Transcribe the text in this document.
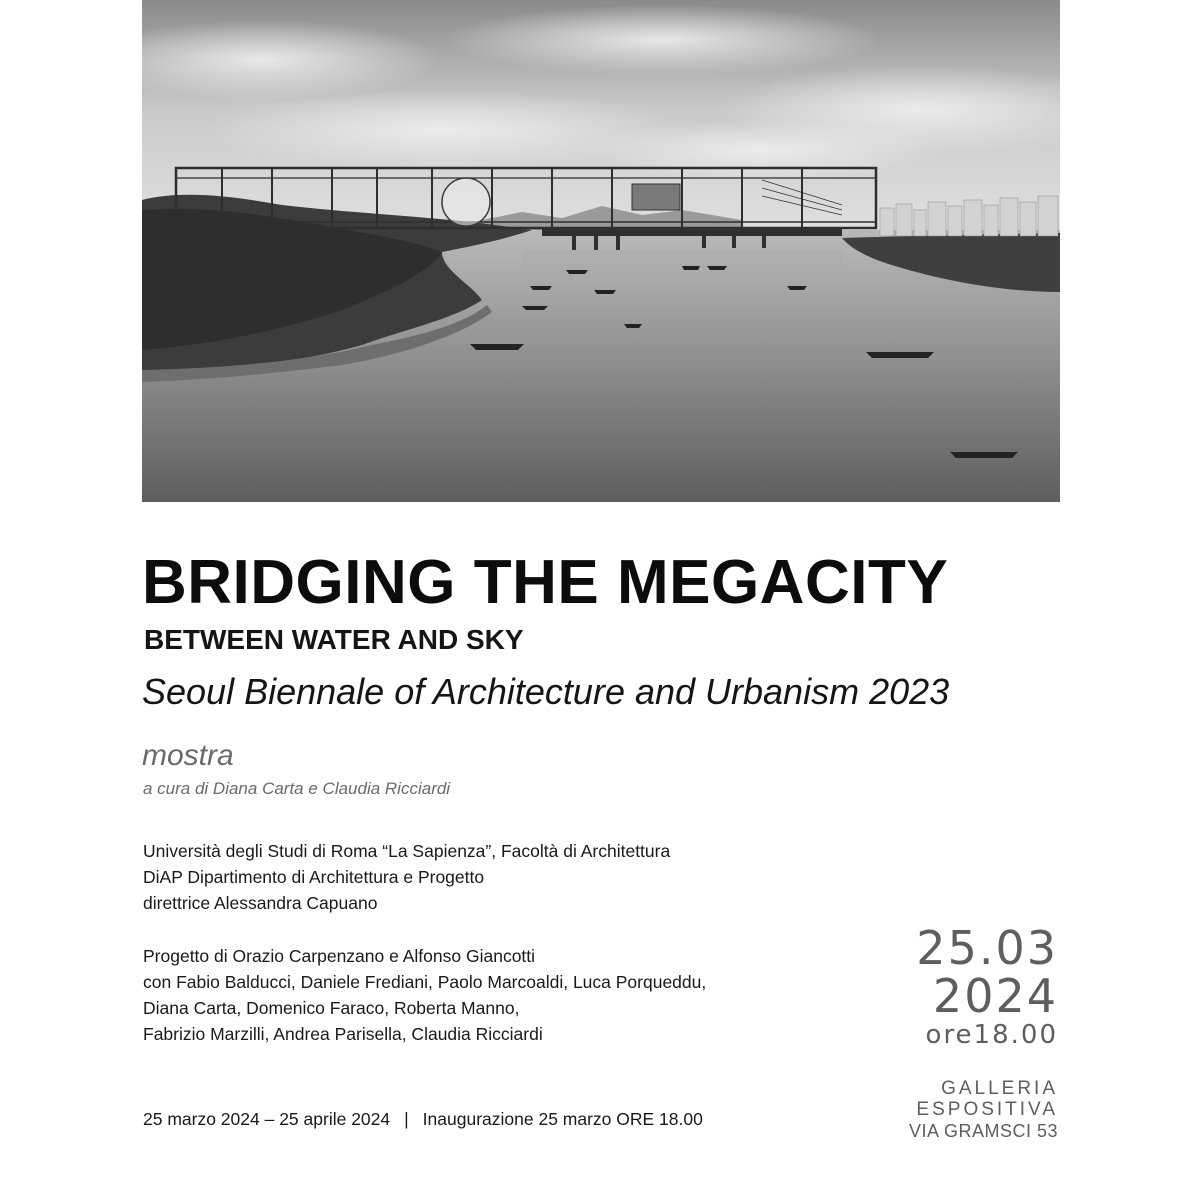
BRIDGING THE MEGACITY
BETWEEN WATER AND SKY
Seoul Biennale of Architecture and Urbanism 2023
mostra
a cura di Diana Carta e Claudia Ricciardi
Università degli Studi di Roma “La Sapienza”, Facoltà di Architettura
DiAP Dipartimento di Architettura e Progetto
direttrice Alessandra Capuano
Progetto di Orazio Carpenzano e Alfonso Giancotti
con Fabio Balducci, Daniele Frediani, Paolo Marcoaldi, Luca Porqueddu,
Diana Carta, Domenico Faraco, Roberta Manno,
Fabrizio Marzilli, Andrea Parisella, Claudia Ricciardi
25 marzo 2024 – 25 aprile 2024 | Inaugurazione 25 marzo ORE 18.00
25.03
2024
ore18.00
GALLERIA
ESPOSITIVA
VIA GRAMSCI 53
